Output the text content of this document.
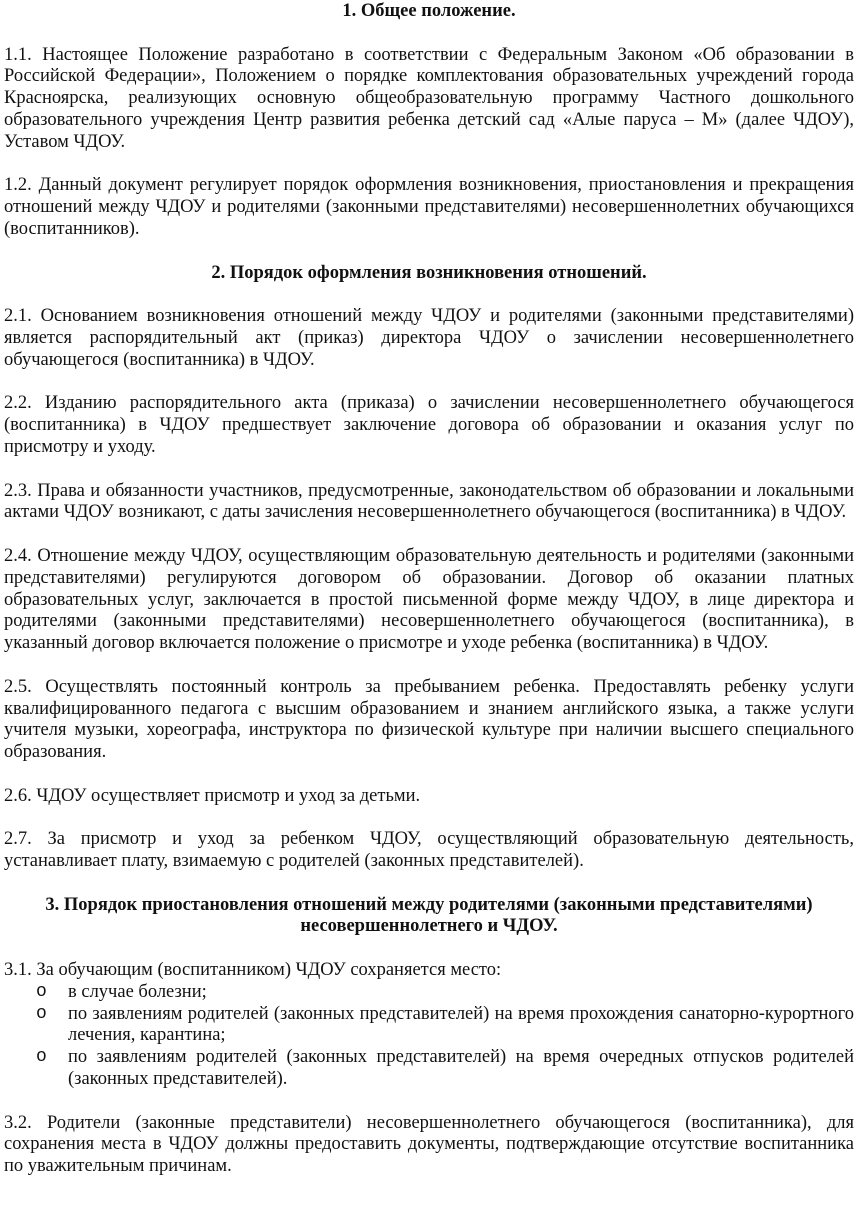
1. Общее положение.

1.1. Настоящее Положение разработано в соответствии с Федеральным Законом «Об образовании в Российской Федерации», Положением о порядке комплектования образовательных учреждений города Красноярска, реализующих основную общеобразовательную программу Частного дошкольного образовательного учреждения Центр развития ребенка детский сад «Алые паруса – М» (далее ЧДОУ), Уставом ЧДОУ.

1.2. Данный документ регулирует порядок оформления возникновения, приостановления и прекращения отношений между ЧДОУ и родителями (законными представителями) несовершеннолетних обучающихся (воспитанников).

2. Порядок оформления возникновения отношений.

2.1. Основанием возникновения отношений между ЧДОУ и родителями (законными представителями) является распорядительный акт (приказ) директора ЧДОУ о зачислении несовершеннолетнего обучающегося (воспитанника) в ЧДОУ.

2.2. Изданию распорядительного акта (приказа) о зачислении несовершеннолетнего обучающегося (воспитанника) в ЧДОУ предшествует заключение договора об образовании и оказания услуг по присмотру и уходу.

2.3. Права и обязанности участников, предусмотренные, законодательством об образовании и локальными актами ЧДОУ возникают, с даты зачисления несовершеннолетнего обучающегося (воспитанника) в ЧДОУ.

2.4. Отношение между ЧДОУ, осуществляющим образовательную деятельность и родителями (законными представителями) регулируются договором об образовании. Договор об оказании платных образовательных услуг, заключается в простой письменной форме между ЧДОУ, в лице директора и родителями (законными представителями) несовершеннолетнего обучающегося (воспитанника), в указанный договор включается положение о присмотре и уходе ребенка (воспитанника) в ЧДОУ.

2.5. Осуществлять постоянный контроль за пребыванием ребенка. Предоставлять ребенку услуги квалифицированного педагога с высшим образованием и знанием английского языка, а также услуги учителя музыки, хореографа, инструктора по физической культуре при наличии высшего специального образования.

2.6. ЧДОУ осуществляет присмотр и уход за детьми.

2.7. За присмотр и уход за ребенком ЧДОУ, осуществляющий образовательную деятельность, устанавливает плату, взимаемую с родителей (законных представителей).

3. Порядок приостановления отношений между родителями (законными представителями)

несовершеннолетнего и ЧДОУ.

3.1. За обучающим (воспитанником) ЧДОУ сохраняется место:

o в случае болезни;
o по заявлениям родителей (законных представителей) на время прохождения санаторно-курортного лечения, карантина;
o по заявлениям родителей (законных представителей) на время очередных отпусков родителей (законных представителей).

3.2. Родители (законные представители) несовершеннолетнего обучающегося (воспитанника), для сохранения места в ЧДОУ должны предоставить документы, подтверждающие отсутствие воспитанника по уважительным причинам.
